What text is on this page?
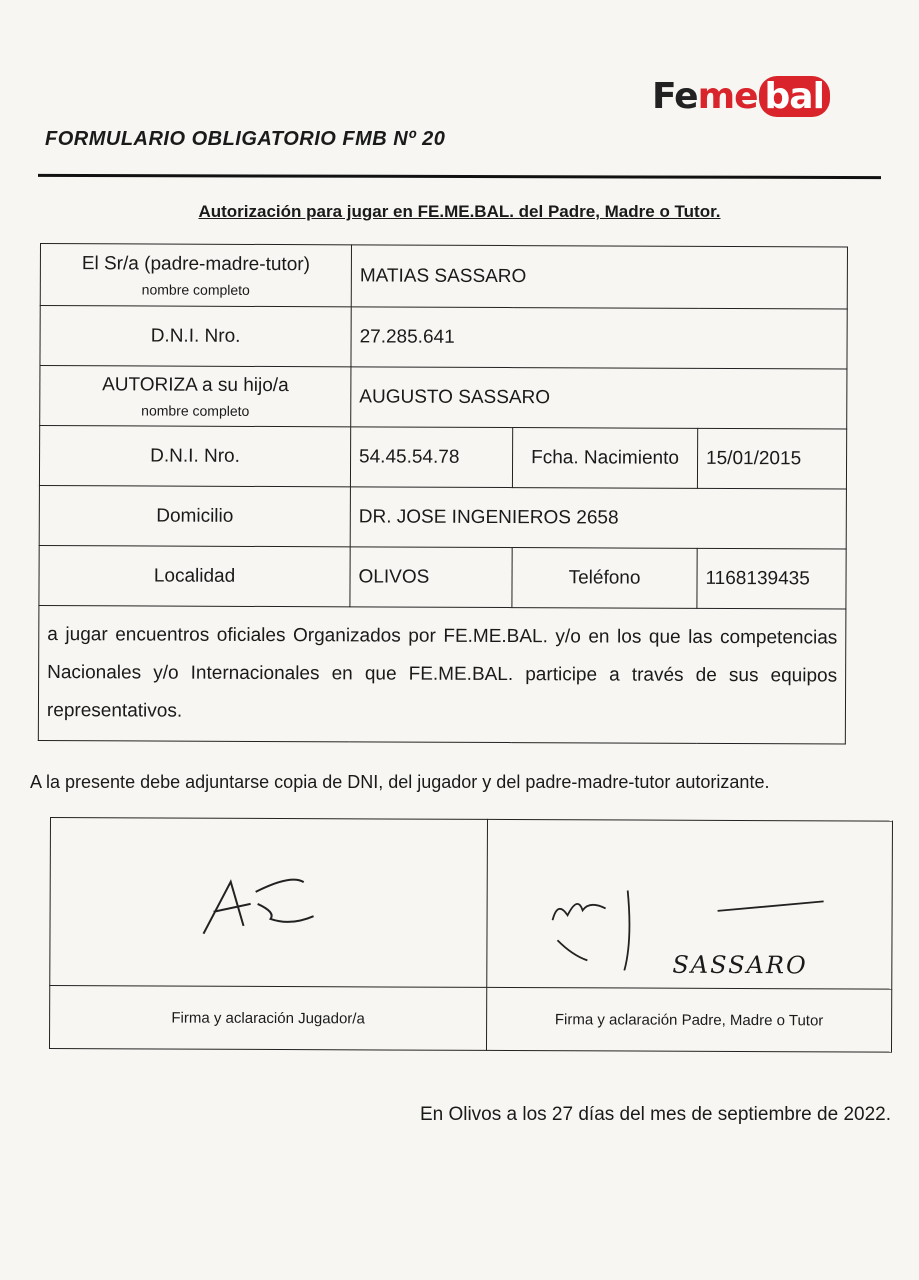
Fe me bal
FORMULARIO OBLIGATORIO FMB Nº 20
Autorización para jugar en FE.ME.BAL. del Padre, Madre o Tutor.
El Sr/a (padre-madre-tutor)
nombre completo	MATIAS SASSARO		
D.N.I. Nro.	27.285.641		
AUTORIZA a su hijo/a
nombre completo	AUGUSTO SASSARO		
D.N.I. Nro.	54.45.54.78	Fcha. Nacimiento	15/01/2015
Domicilio	DR. JOSE INGENIEROS 2658		
Localidad	OLIVOS	Teléfono	1168139435
a jugar encuentros oficiales Organizados por FE.ME.BAL. y/o en los que las competencias Nacionales y/o Internacionales en que FE.ME.BAL. participe a través de sus equipos representativos.			
A la presente debe adjuntarse copia de DNI, del jugador y del padre-madre-tutor autorizante.

SASSARO

Firma y aclaración Jugador/a	Firma y aclaración Padre, Madre o Tutor
En Olivos a los 27 días del mes de septiembre de 2022.
